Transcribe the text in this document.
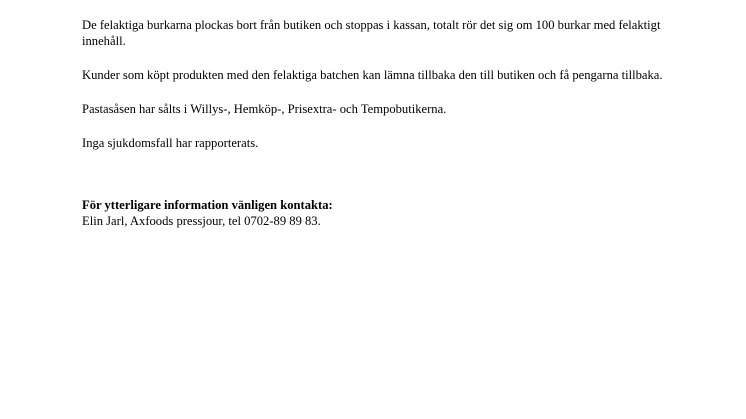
De felaktiga burkarna plockas bort från butiken och stoppas i kassan, totalt rör det sig om 100 burkar med felaktigt innehåll.

Kunder som köpt produkten med den felaktiga batchen kan lämna tillbaka den till butiken och få pengarna tillbaka.

Pastasåsen har sålts i Willys-, Hemköp-, Prisextra- och Tempobutikerna.

Inga sjukdomsfall har rapporterats.

För ytterligare information vänligen kontakta:
Elin Jarl, Axfoods pressjour, tel 0702-89 89 83.
